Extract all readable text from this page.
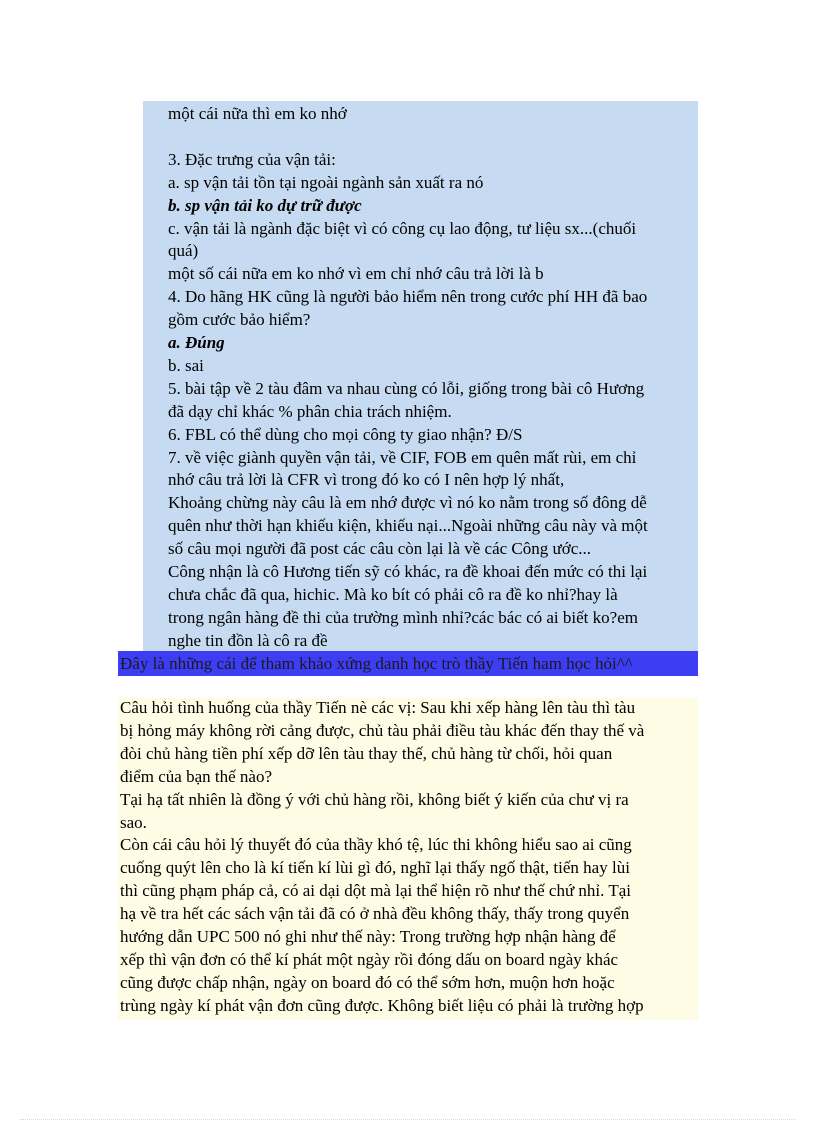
một cái nữa thì em ko nhớ
3. Đặc trưng của vận tải:
a. sp vận tải tồn tại ngoài ngành sản xuất ra nó
b. sp vận tải ko dự trữ được
c. vận tải là ngành đặc biệt vì có công cụ lao động, tư liệu sx...(chuối
quá)
một số cái nữa em ko nhớ vì em chỉ nhớ câu trả lời là b
4. Do hãng HK cũng là người bảo hiểm nên trong cước phí HH đã bao
gồm cước bảo hiểm?
a. Đúng
b. sai
5. bài tập về 2 tàu đâm va nhau cùng có lỗi, giống trong bài cô Hương
đã dạy chỉ khác % phân chia trách nhiệm.
6. FBL có thể dùng cho mọi công ty giao nhận? Đ/S
7. về việc giành quyền vận tải, về CIF, FOB em quên mất rùi, em chỉ
nhớ câu trả lời là CFR vì trong đó ko có I nên hợp lý nhất,
Khoảng chừng này câu là em nhớ được vì nó ko nằm trong số đông dễ
quên như thời hạn khiếu kiện, khiếu nại...Ngoài những câu này và một
số câu mọi người đã post các câu còn lại là về các Công ước...
Công nhận là cô Hương tiến sỹ có khác, ra đề khoai đến mức có thi lại
chưa chắc đã qua, hichic. Mà ko bít có phải cô ra đề ko nhỉ?hay là
trong ngân hàng đề thi của trường mình nhỉ?các bác có ai biết ko?em
nghe tin đồn là cô ra đề
Đây là những cái để tham khảo xứng danh học trò thầy Tiến ham học hỏi^^
Câu hỏi tình huống của thầy Tiến nè các vị: Sau khi xếp hàng lên tàu thì tàu
bị hỏng máy không rời cảng được, chủ tàu phải điều tàu khác đến thay thế và
đòi chủ hàng tiền phí xếp dỡ lên tàu thay thế, chủ hàng từ chối, hỏi quan
điểm của bạn thế nào?
Tại hạ tất nhiên là đồng ý với chủ hàng rồi, không biết ý kiến của chư vị ra
sao.
Còn cái câu hỏi lý thuyết đó của thầy khó tệ, lúc thi không hiểu sao ai cũng
cuống quýt lên cho là kí tiến kí lùi gì đó, nghĩ lại thấy ngố thật, tiến hay lùi
thì cũng phạm pháp cả, có ai dại dột mà lại thể hiện rõ như thế chứ nhỉ. Tại
hạ về tra hết các sách vận tải đã có ở nhà đều không thấy, thấy trong quyển
hướng dẫn UPC 500 nó ghi như thế này: Trong trường hợp nhận hàng để
xếp thì vận đơn có thể kí phát một ngày rồi đóng dấu on board ngày khác
cũng được chấp nhận, ngày on board đó có thể sớm hơn, muộn hơn hoặc
trùng ngày kí phát vận đơn cũng được. Không biết liệu có phải là trường hợp
